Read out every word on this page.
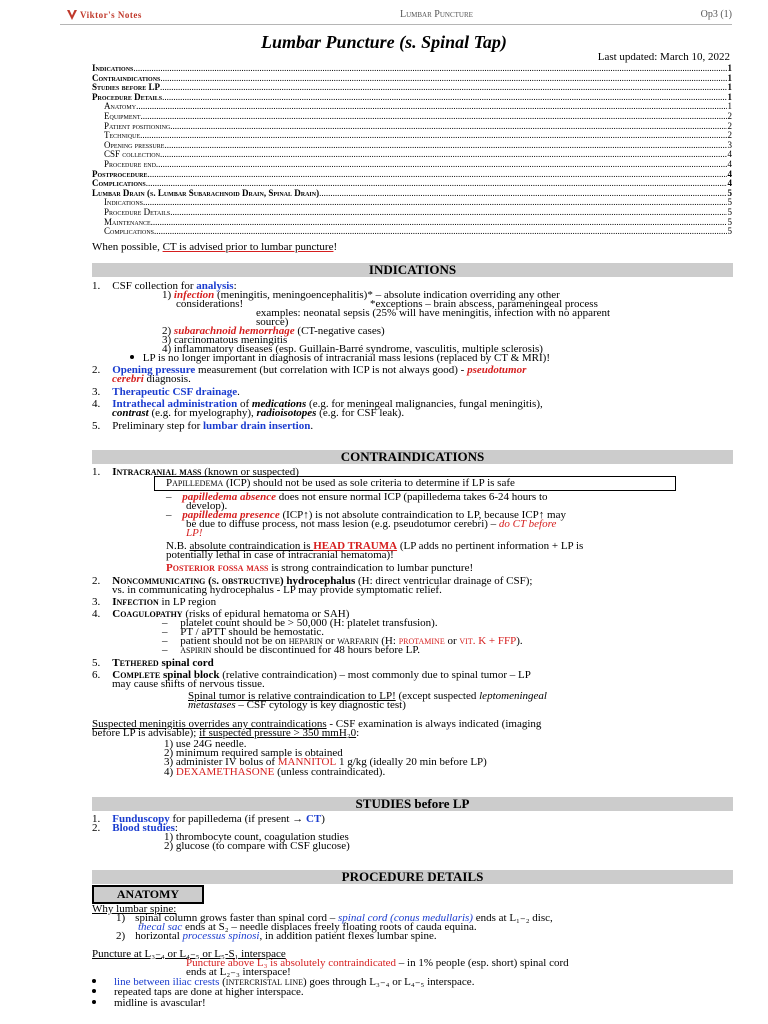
Viktor's Notes	Lumbar Puncture	Op3 (1)
Lumbar Puncture (s. Spinal Tap)
Last updated: March 10, 2022
Indications .....	1
Contraindications .....	1
Studies before LP .....	1
Procedure Details .....	1
Anatomy .....	1
Equipment .....	2
Patient positioning .....	2
Technique .....	2
Opening pressure .....	3
CSF collection .....	4
Procedure end .....	4
Postprocedure .....	4
Complications .....	4
Lumbar Drain (s. Lumbar Subarachnoid Drain, Spinal Drain) .....	5
Indications .....	5
Procedure Details .....	5
Maintenance .....	5
Complications .....	5
When possible, CT is advised prior to lumbar puncture!
INDICATIONS
1. CSF collection for analysis:
1) infection (meningitis, meningoencephalitis)* – absolute indication overriding any other
considerations!	*exceptions – brain abscess, parameningeal process
examples: neonatal sepsis (25% will have meningitis, infection with no apparent
source)
2) subarachnoid hemorrhage (CT-negative cases)
3) carcinomatous meningitis
4) inflammatory diseases (esp. Guillain-Barré syndrome, vasculitis, multiple sclerosis)
LP is no longer important in diagnosis of intracranial mass lesions (replaced by CT & MRI)!
2. Opening pressure measurement (but correlation with ICP is not always good) - pseudotumor
cerebri diagnosis.
3. Therapeutic CSF drainage.
4. Intrathecal administration of medications (e.g. for meningeal malignancies, fungal meningitis),
contrast (e.g. for myelography), radioisotopes (e.g. for CSF leak).
5. Preliminary step for lumbar drain insertion.
CONTRAINDICATIONS
1. Intracranial mass (known or suspected)
Papilledema (ICP) should not be used as sole criteria to determine if LP is safe
– papilledema absence does not ensure normal ICP (papilledema takes 6-24 hours to
develop).
– papilledema presence (ICP↑) is not absolute contraindication to LP, because ICP↑ may
be due to diffuse process, not mass lesion (e.g. pseudotumor cerebri) – do CT before
LP!
N.B. absolute contraindication is HEAD TRAUMA (LP adds no pertinent information + LP is
potentially lethal in case of intracranial hematoma)!
Posterior fossa mass is strong contraindication to lumbar puncture!
2. Noncommunicating (s. obstructive) hydrocephalus (H: direct ventricular drainage of CSF);
vs. in communicating hydrocephalus - LP may provide symptomatic relief.
3. Infection in LP region
4. Coagulopathy (risks of epidural hematoma or SAH)
– platelet count should be > 50,000 (H: platelet transfusion).
– PT / aPTT should be hemostatic.
– patient should not be on heparin or warfarin (H: protamine or vit. K + FFP).
– aspirin should be discontinued for 48 hours before LP.
5. Tethered spinal cord
6. Complete spinal block (relative contraindication) – most commonly due to spinal tumor – LP
may cause shifts of nervous tissue.
Spinal tumor is relative contraindication to LP! (except suspected leptomeningeal
metastases – CSF cytology is key diagnostic test)
Suspected meningitis overrides any contraindications - CSF examination is always indicated (imaging
before LP is advisable); if suspected pressure > 350 mmH₂0:
1) use 24G needle.
2) minimum required sample is obtained
3) administer IV bolus of MANNITOL 1 g/kg (ideally 20 min before LP)
4) DEXAMETHASONE (unless contraindicated).
STUDIES before LP
1. Funduscopy for papilledema (if present → CT)
2. Blood studies:
1) thrombocyte count, coagulation studies
2) glucose (to compare with CSF glucose)
PROCEDURE DETAILS
ANATOMY
Why lumbar spine:
1) spinal column grows faster than spinal cord – spinal cord (conus medullaris) ends at L₁₋₂ disc,
thecal sac ends at S₂ – needle displaces freely floating roots of cauda equina.
2) horizontal processus spinosi, in addition patient flexes lumbar spine.
Puncture at L₃₋₄ or L₄₋₅ or L₅-S₁ interspace
Puncture above L₃ is absolutely contraindicated – in 1% people (esp. short) spinal cord
ends at L₂₋₃ interspace!
line between iliac crests (intercristal line) goes through L₃₋₄ or L₄₋₅ interspace.
repeated taps are done at higher interspace.
midline is avascular!
